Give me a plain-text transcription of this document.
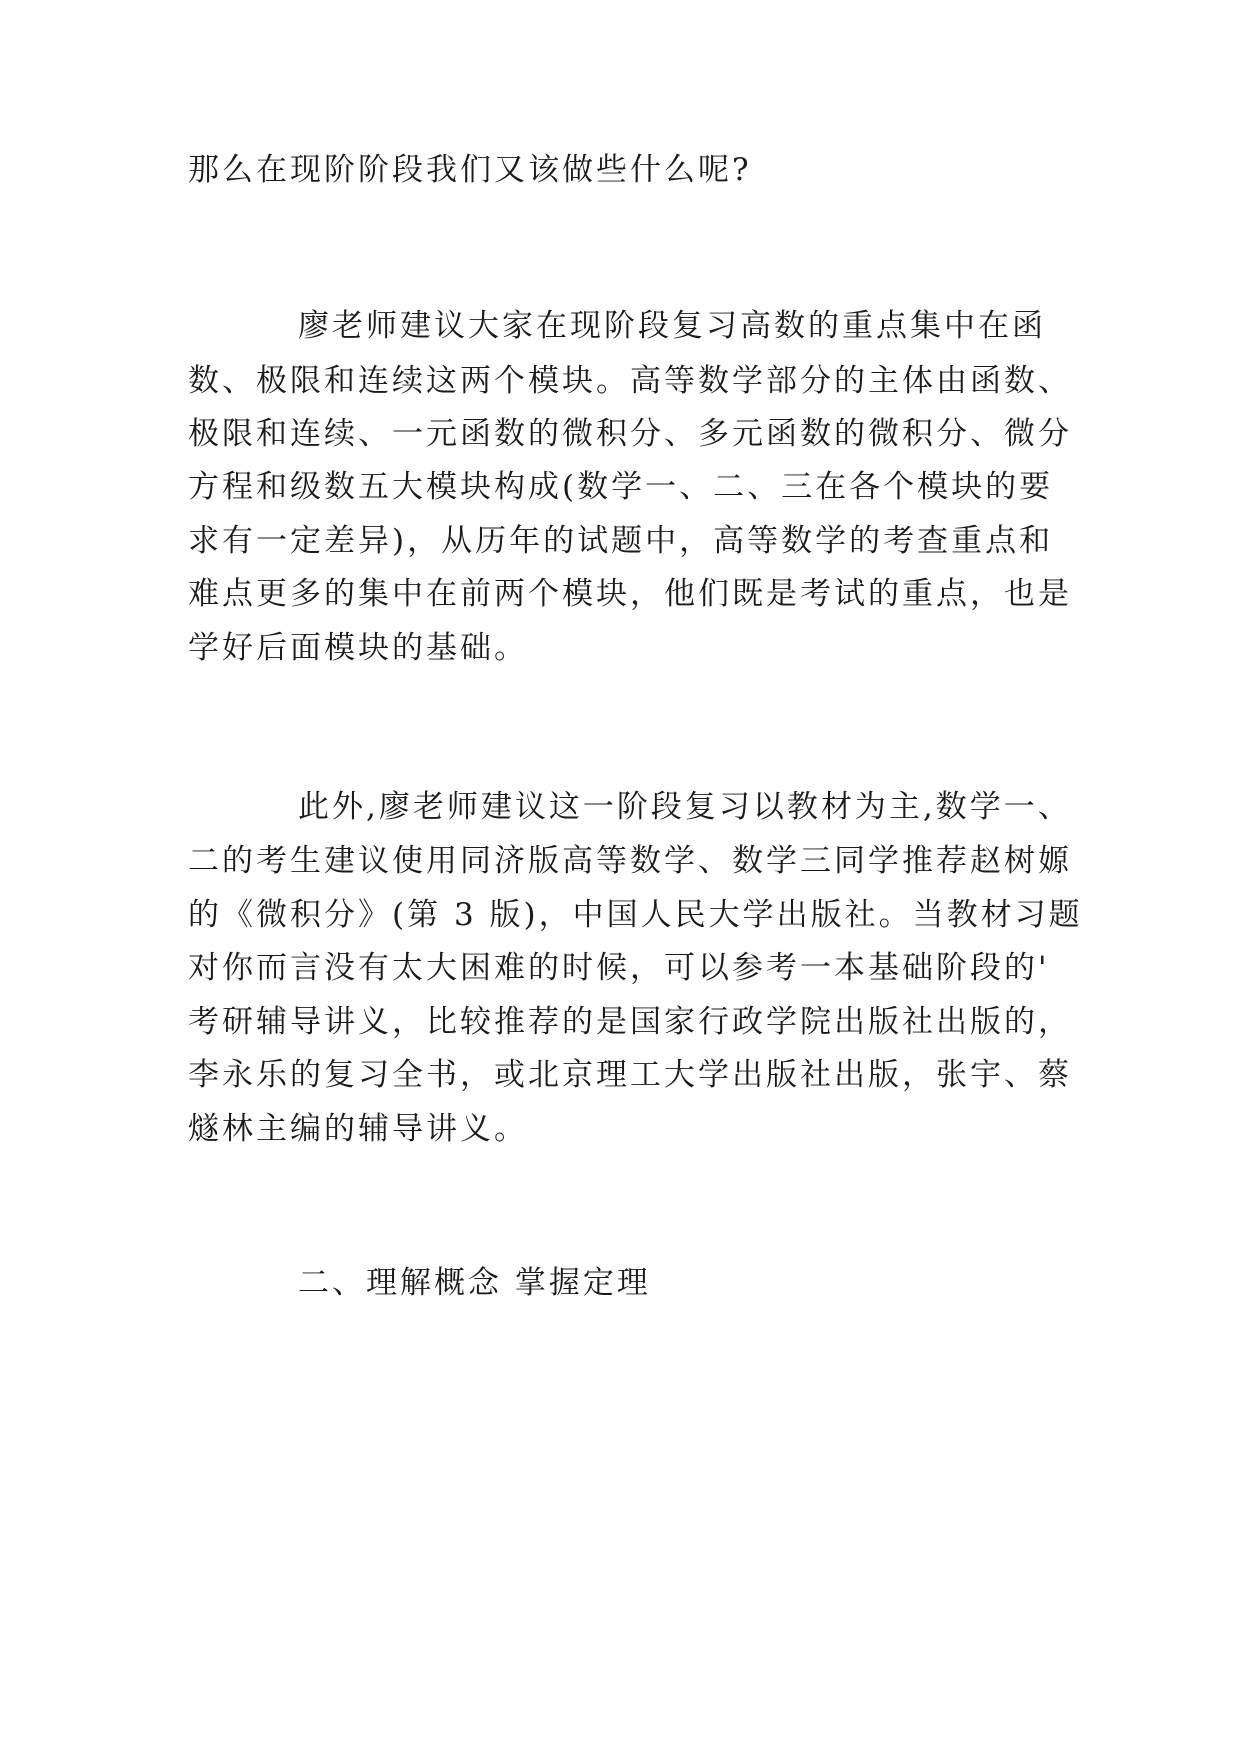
那么在现阶阶段我们又该做些什么呢?
廖老师建议大家在现阶段复习高数的重点集中在函
数、极限和连续这两个模块。高等数学部分的主体由函数、
极限和连续、一元函数的微积分、多元函数的微积分、微分
方程和级数五大模块构成(数学一、二、三在各个模块的要
求有一定差异)，从历年的试题中，高等数学的考查重点和
难点更多的集中在前两个模块，他们既是考试的重点，也是
学好后面模块的基础。
此外,廖老师建议这一阶段复习以教材为主,数学一、
二的考生建议使用同济版高等数学、数学三同学推荐赵树嫄
的《微积分》(第 3 版)，中国人民大学出版社。当教材习题
对你而言没有太大困难的时候，可以参考一本基础阶段的'
考研辅导讲义，比较推荐的是国家行政学院出版社出版的，
李永乐的复习全书，或北京理工大学出版社出版，张宇、蔡
燧林主编的辅导讲义。
二、理解概念 掌握定理
